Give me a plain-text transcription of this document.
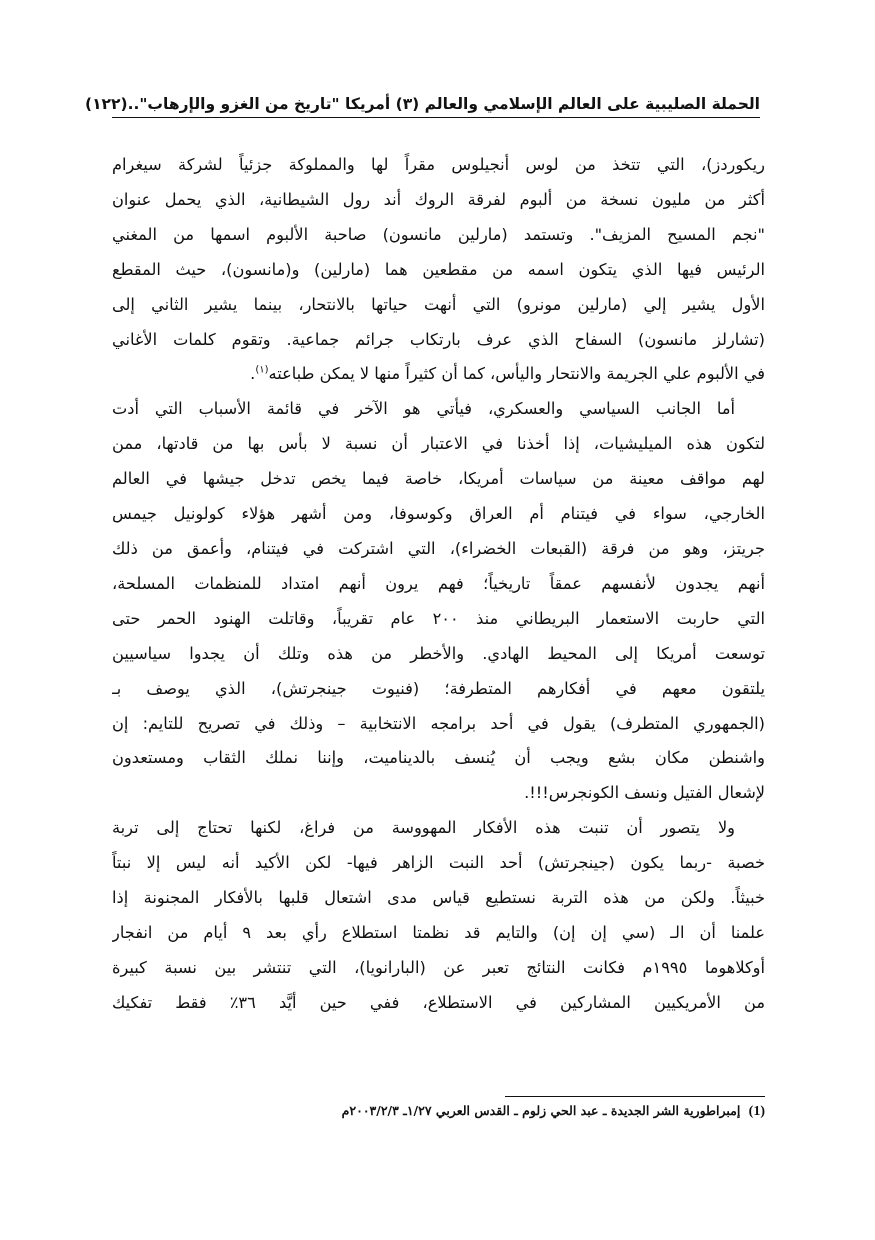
الحملة الصليبية على العالم الإسلامي والعالم (٣) أمريكا "تاريخ من الغزو والإرهاب"..
(١٢٢)

ريكوردز)، التي تتخذ من لوس أنجيلوس مقراً لها والمملوكة جزئياً لشركة سيغرام
أكثر من مليون نسخة من ألبوم لفرقة الروك أند رول الشيطانية، الذي يحمل عنوان
"نجم المسيح المزيف". وتستمد (مارلين مانسون) صاحبة الألبوم اسمها من المغني
الرئيس فيها الذي يتكون اسمه من مقطعين هما (مارلين) و(مانسون)، حيث المقطع
الأول يشير إلي (مارلين مونرو) التي أنهت حياتها بالانتحار، بينما يشير الثاني إلى
(تشارلز مانسون) السفاح الذي عرف بارتكاب جرائم جماعية. وتقوم كلمات الأغاني
في الألبوم علي الجريمة والانتحار واليأس، كما أن كثيراً منها لا يمكن طباعته$^{(١)}$.

أما الجانب السياسي والعسكري، فيأتي هو الآخر في قائمة الأسباب التي أدت
لتكون هذه الميليشيات، إذا أخذنا في الاعتبار أن نسبة لا بأس بها من قادتها، ممن
لهم مواقف معينة من سياسات أمريكا، خاصة فيما يخص تدخل جيشها في العالم
الخارجي، سواء في فيتنام أم العراق وكوسوفا، ومن أشهر هؤلاء كولونيل جيمس
جريتز، وهو من فرقة (القبعات الخضراء)، التي اشتركت في فيتنام، وأعمق من ذلك
أنهم يجدون لأنفسهم عمقاً تاريخياً؛ فهم يرون أنهم امتداد للمنظمات المسلحة،
التي حاربت الاستعمار البريطاني منذ ٢٠٠ عام تقريباً، وقاتلت الهنود الحمر حتى
توسعت أمريكا إلى المحيط الهادي. والأخطر من هذه وتلك أن يجدوا سياسيين
يلتقون معهم في أفكارهم المتطرفة؛ (فنيوت جينجرتش)، الذي يوصف بـ
(الجمهوري المتطرف) يقول في أحد برامجه الانتخابية – وذلك في تصريح للتايم: إن
واشنطن مكان بشع ويجب أن يُنسف بالديناميت، وإننا نملك الثقاب ومستعدون
لإشعال الفتيل ونسف الكونجرس!!!.

ولا يتصور أن تنبت هذه الأفكار المهووسة من فراغ، لكنها تحتاج إلى تربة
خصبة -ربما يكون (جينجرتش) أحد النبت الزاهر فيها- لكن الأكيد أنه ليس إلا نبتاً
خبيثاً. ولكن من هذه التربة نستطيع قياس مدى اشتعال قلبها بالأفكار المجنونة إذا
علمنا أن الـ (سي إن إن) والتايم قد نظمتا استطلاع رأي بعد ٩ أيام من انفجار
أوكلاهوما ١٩٩٥م فكانت النتائج تعبر عن (البارانويا)، التي تنتشر بين نسبة كبيرة
من الأمريكيين المشاركين في الاستطلاع، ففي حين أيَّد ٣٦٪ فقط تفكيك

(1) إمبراطورية الشر الجديدة ـ عبد الحي زلوم ـ القدس العربي ١/٢٧ـ ٢٠٠٣/٢/٣م
